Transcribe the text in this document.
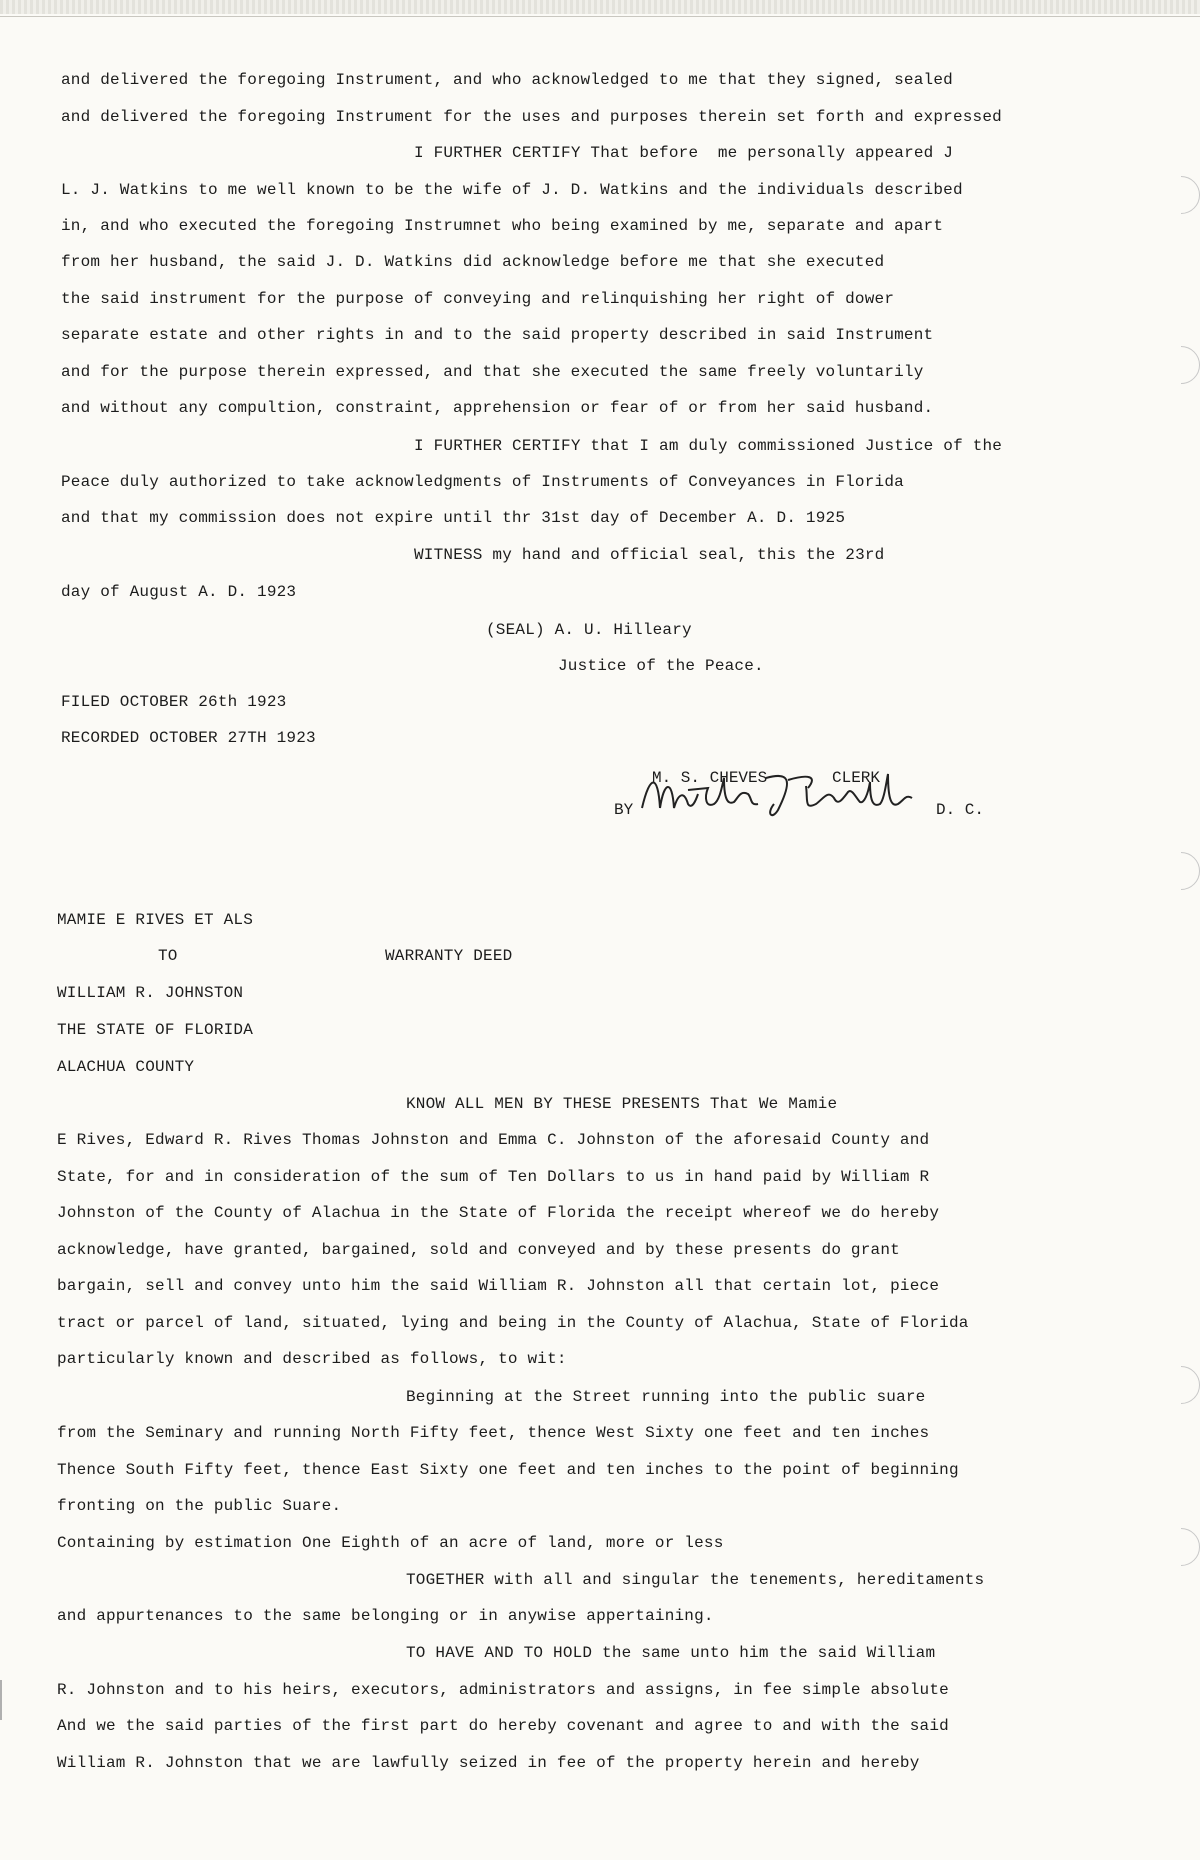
and delivered the foregoing Instrument, and who acknowledged to me that they signed, sealed
and delivered the foregoing Instrument for the uses and purposes therein set forth and expressed
I FURTHER CERTIFY That before  me personally appeared J
L. J. Watkins to me well known to be the wife of J. D. Watkins and the individuals described
in, and who executed the foregoing Instrumnet who being examined by me, separate and apart
from her husband, the said J. D. Watkins did acknowledge before me that she executed
the said instrument for the purpose of conveying and relinquishing her right of dower
separate estate and other rights in and to the said property described in said Instrument
and for the purpose therein expressed, and that she executed the same freely voluntarily
and without any compultion, constraint, apprehension or fear of or from her said husband.
I FURTHER CERTIFY that I am duly commissioned Justice of the
Peace duly authorized to take acknowledgments of Instruments of Conveyances in Florida
and that my commission does not expire until thr 31st day of December A. D. 1925
WITNESS my hand and official seal, this the 23rd
day of August A. D. 1923
(SEAL) A. U. Hilleary
Justice of the Peace.
FILED OCTOBER 26th 1923
RECORDED OCTOBER 27TH 1923
MAMIE E RIVES ET ALS
TO	WARRANTY DEED
WILLIAM R. JOHNSTON
THE STATE OF FLORIDA
ALACHUA COUNTY
KNOW ALL MEN BY THESE PRESENTS That We Mamie
E Rives, Edward R. Rives Thomas Johnston and Emma C. Johnston of the aforesaid County and
State, for and in consideration of the sum of Ten Dollars to us in hand paid by William R
Johnston of the County of Alachua in the State of Florida the receipt whereof we do hereby
acknowledge, have granted, bargained, sold and conveyed and by these presents do grant
bargain, sell and convey unto him the said William R. Johnston all that certain lot, piece
tract or parcel of land, situated, lying and being in the County of Alachua, State of Florida
particularly known and described as follows, to wit:
Beginning at the Street running into the public suare
from the Seminary and running North Fifty feet, thence West Sixty one feet and ten inches
Thence South Fifty feet, thence East Sixty one feet and ten inches to the point of beginning
fronting on the public Suare.
Containing by estimation One Eighth of an acre of land, more or less
TOGETHER with all and singular the tenements, hereditaments
and appurtenances to the same belonging or in anywise appertaining.
TO HAVE AND TO HOLD the same unto him the said William
R. Johnston and to his heirs, executors, administrators and assigns, in fee simple absolute
And we the said parties of the first part do hereby covenant and agree to and with the said
William R. Johnston that we are lawfully seized in fee of the property herein and hereby
M. S. CHEVES	CLERK
BY	D. C.
